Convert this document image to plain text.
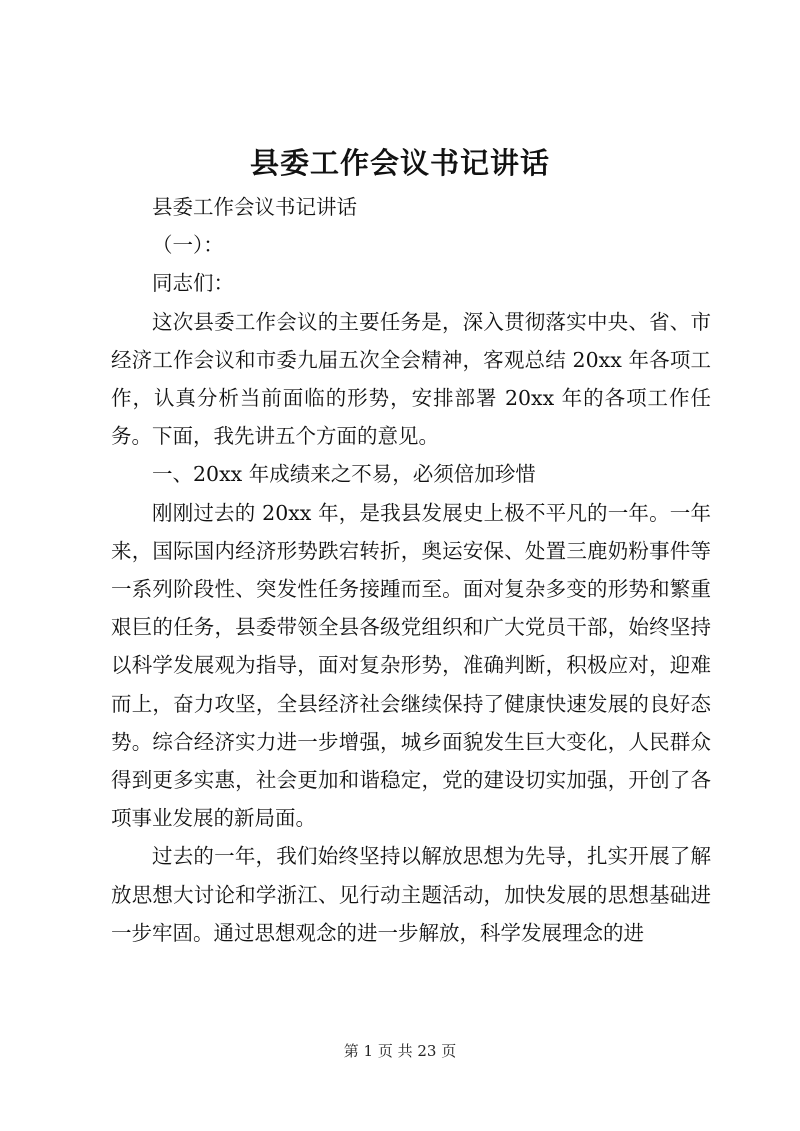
县委工作会议书记讲话

县委工作会议书记讲话

（一）：

同志们：

这次县委工作会议的主要任务是，深入贯彻落实中央、省、市经济工作会议和市委九届五次全会精神，客观总结 20xx 年各项工作，认真分析当前面临的形势，安排部署 20xx 年的各项工作任务。下面，我先讲五个方面的意见。

一、20xx 年成绩来之不易，必须倍加珍惜

刚刚过去的 20xx 年，是我县发展史上极不平凡的一年。一年来，国际国内经济形势跌宕转折，奥运安保、处置三鹿奶粉事件等一系列阶段性、突发性任务接踵而至。面对复杂多变的形势和繁重艰巨的任务，县委带领全县各级党组织和广大党员干部，始终坚持以科学发展观为指导，面对复杂形势，准确判断，积极应对，迎难而上，奋力攻坚，全县经济社会继续保持了健康快速发展的良好态势。综合经济实力进一步增强，城乡面貌发生巨大变化，人民群众得到更多实惠，社会更加和谐稳定，党的建设切实加强，开创了各项事业发展的新局面。

过去的一年，我们始终坚持以解放思想为先导，扎实开展了解放思想大讨论和学浙江、见行动主题活动，加快发展的思想基础进一步牢固。通过思想观念的进一步解放，科学发展理念的进

第 1 页 共 23 页
